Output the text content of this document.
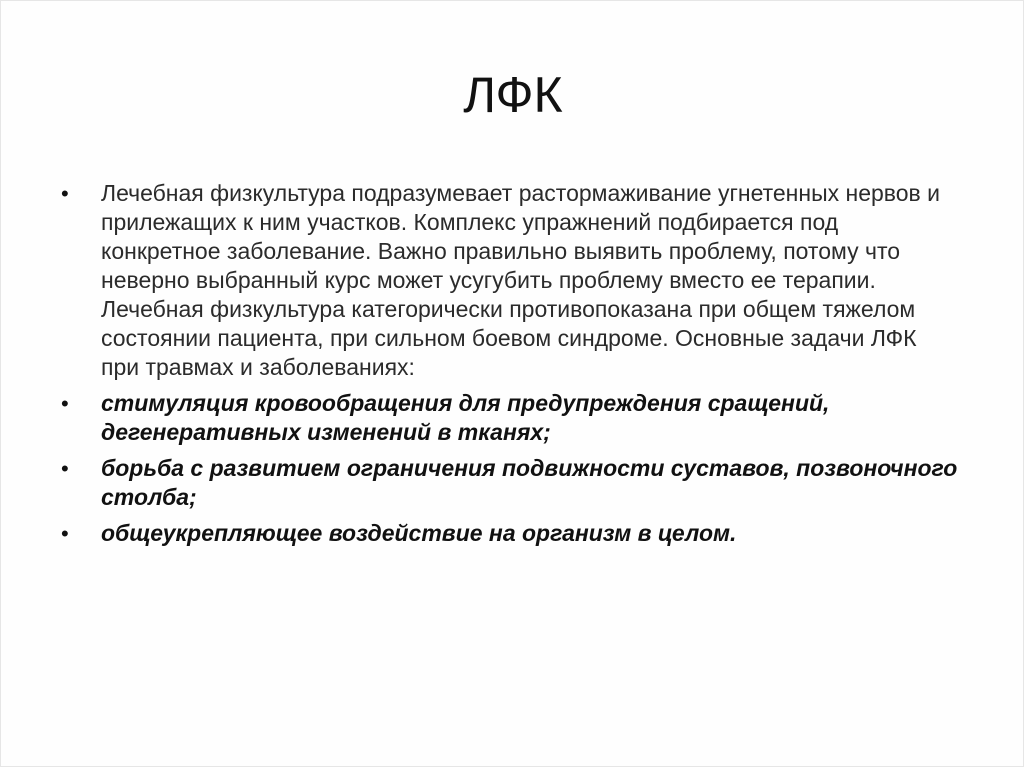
ЛФК
•	Лечебная физкультура подразумевает растормаживание угнетенных нервов и прилежащих к ним участков. Комплекс упражнений подбирается под конкретное заболевание. Важно правильно выявить проблему, потому что неверно выбранный курс может усугубить проблему вместо ее терапии. Лечебная физкультура категорически противопоказана при общем тяжелом состоянии пациента, при сильном боевом синдроме. Основные задачи ЛФК при травмах и заболеваниях:
•	стимуляция кровообращения для предупреждения сращений, дегенеративных изменений в тканях;
•	борьба с развитием ограничения подвижности суставов, позвоночного столба;
•	общеукрепляющее воздействие на организм в целом.
